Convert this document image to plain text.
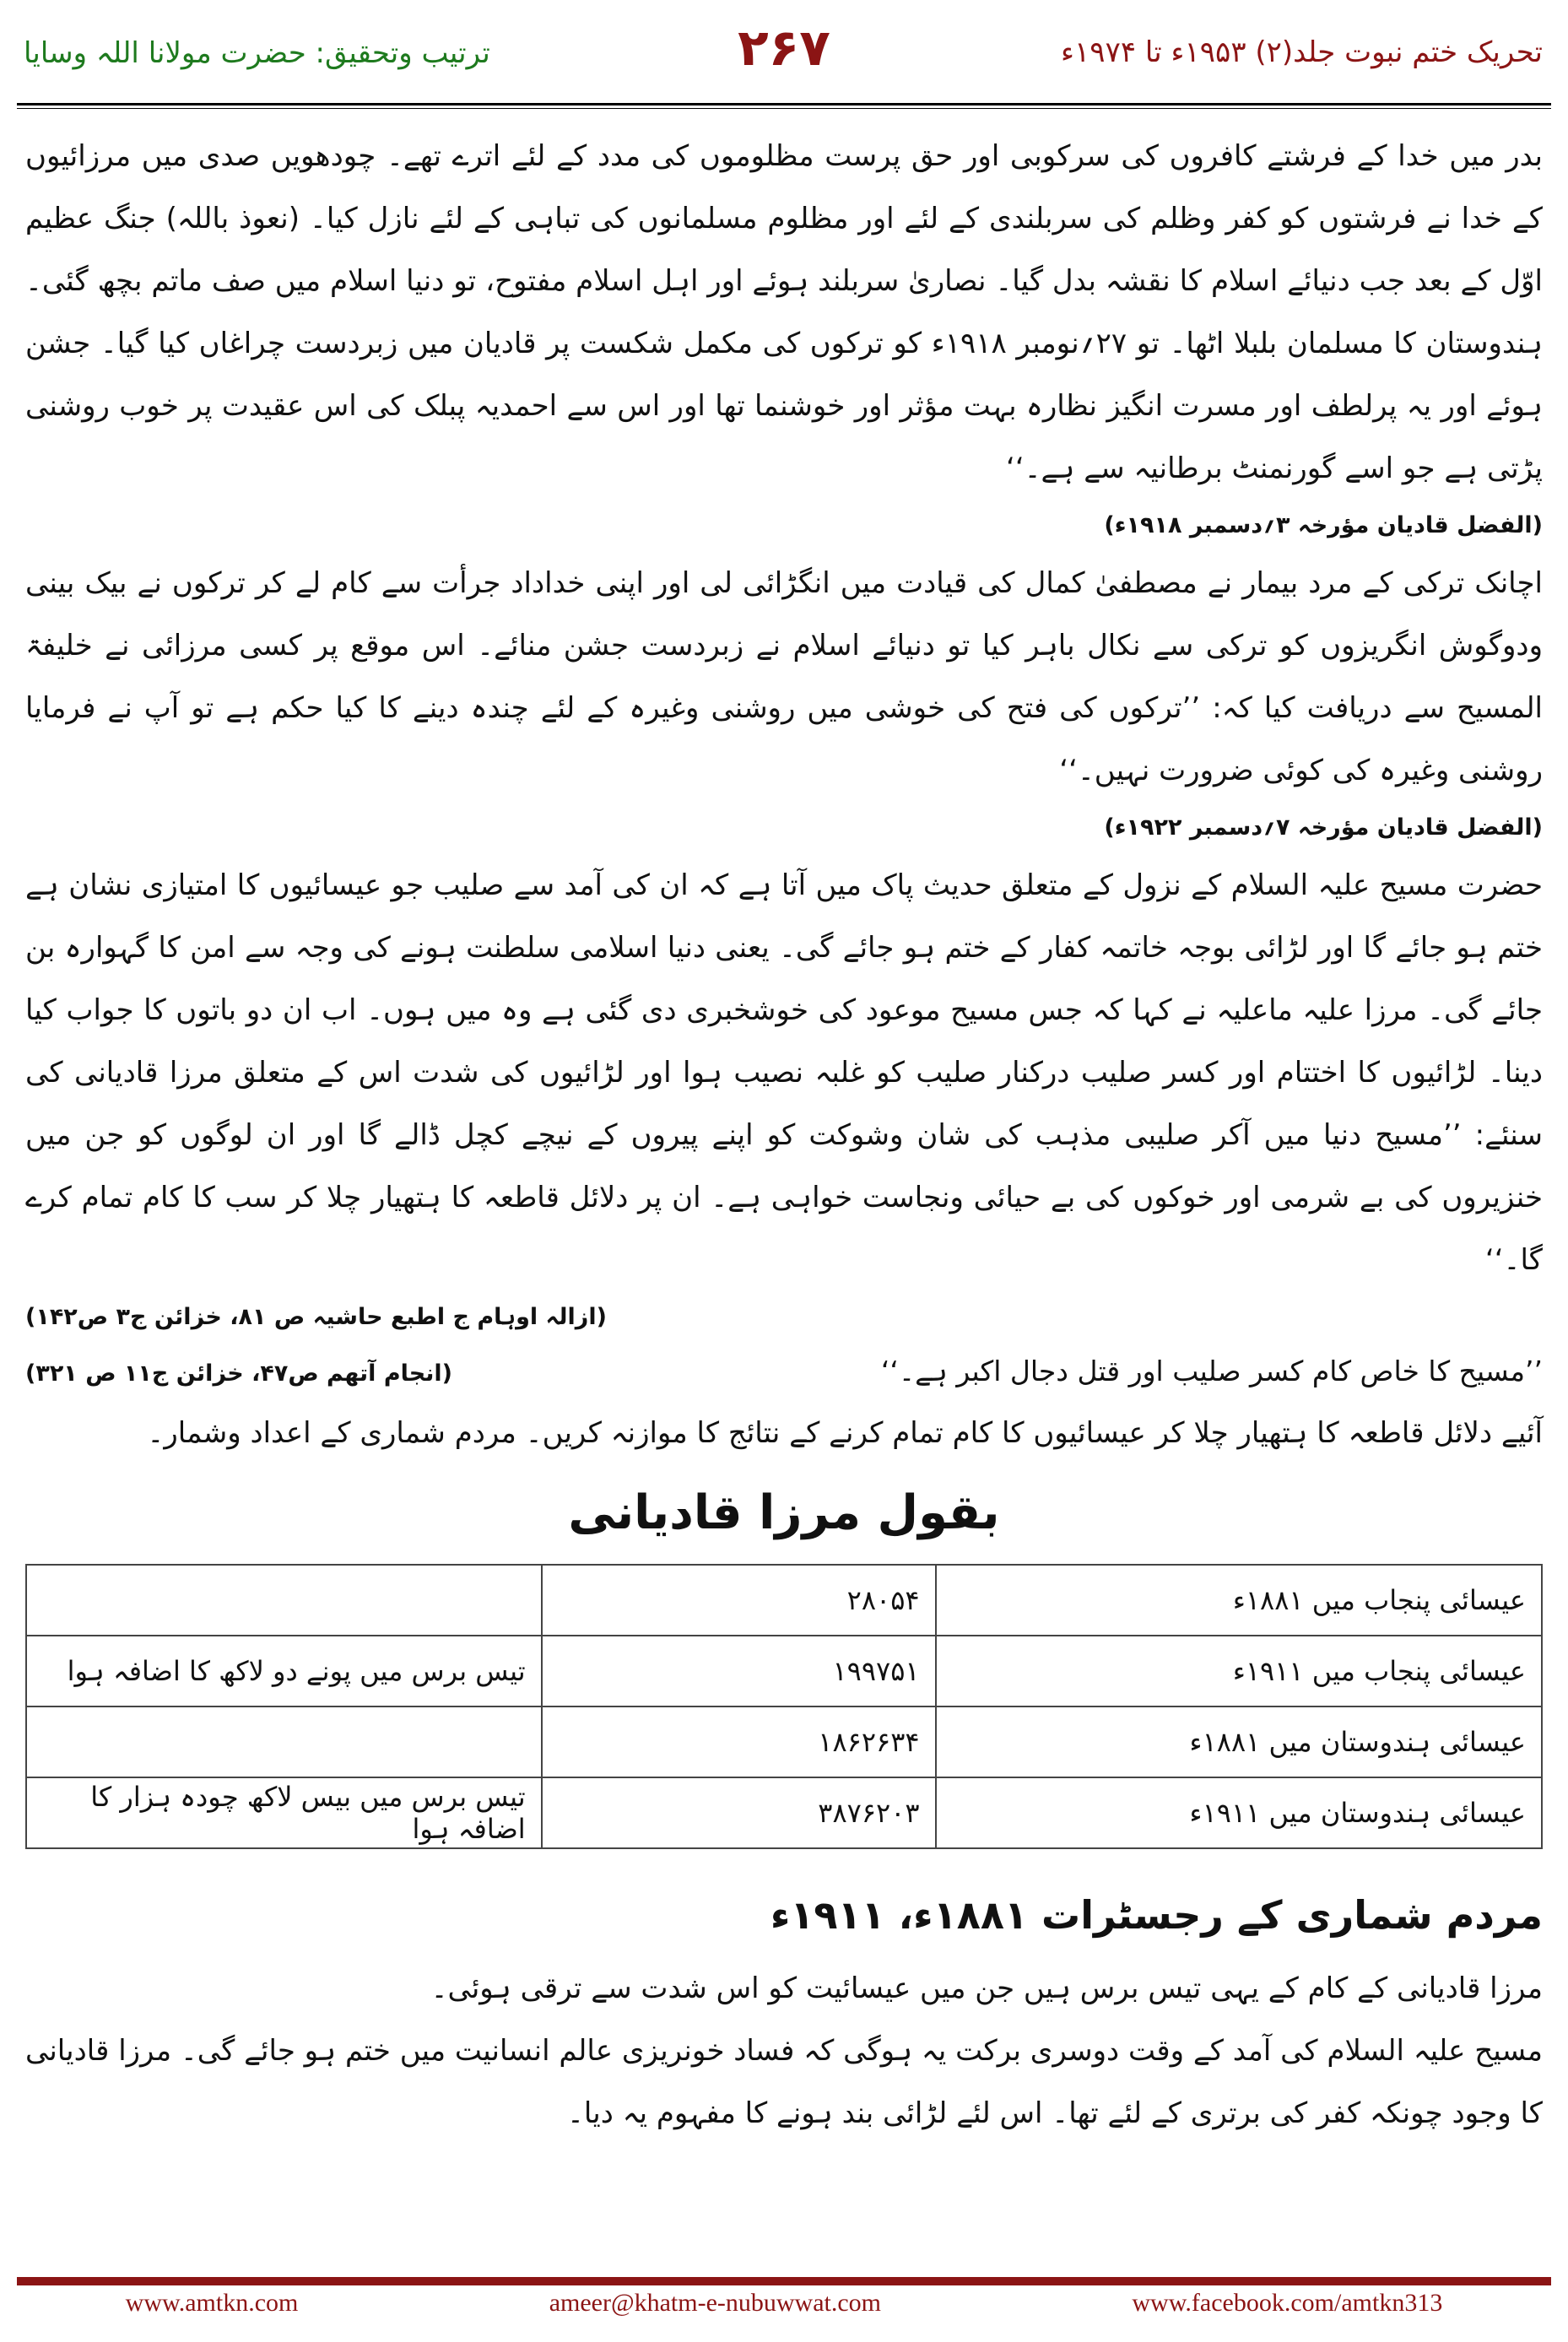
تحریک ختم نبوت جلد(۲) ۱۹۵۳ء تا ۱۹۷۴ء
۲۶۷
ترتیب وتحقیق: حضرت مولانا اللہ وسایا

بدر میں خدا کے فرشتے کافروں کی سرکوبی اور حق پرست مظلوموں کی مدد کے لئے اترے تھے۔ چودھویں صدی میں مرزائیوں کے خدا نے فرشتوں کو کفر وظلم کی سربلندی کے لئے اور مظلوم مسلمانوں کی تباہی کے لئے نازل کیا۔ (نعوذ باللہ) جنگ عظیم اوّل کے بعد جب دنیائے اسلام کا نقشہ بدل گیا۔ نصاریٰ سربلند ہوئے اور اہل اسلام مفتوح، تو دنیا اسلام میں صف ماتم بچھ گئی۔ ہندوستان کا مسلمان بلبلا اٹھا۔ تو ۲۷؍نومبر ۱۹۱۸ء کو ترکوں کی مکمل شکست پر قادیان میں زبردست چراغاں کیا گیا۔ جشن ہوئے اور یہ پرلطف اور مسرت انگیز نظارہ بہت مؤثر اور خوشنما تھا اور اس سے احمدیہ پبلک کی اس عقیدت پر خوب روشنی پڑتی ہے جو اسے گورنمنٹ برطانیہ سے ہے۔‘‘

(الفضل قادیان مؤرخہ ۳؍دسمبر ۱۹۱۸ء)

اچانک ترکی کے مرد بیمار نے مصطفیٰ کمال کی قیادت میں انگڑائی لی اور اپنی خداداد جرأت سے کام لے کر ترکوں نے بیک بینی ودوگوش انگریزوں کو ترکی سے نکال باہر کیا تو دنیائے اسلام نے زبردست جشن منائے۔ اس موقع پر کسی مرزائی نے خلیفۃ المسیح سے دریافت کیا کہ: ’’ترکوں کی فتح کی خوشی میں روشنی وغیرہ کے لئے چندہ دینے کا کیا حکم ہے تو آپ نے فرمایا روشنی وغیرہ کی کوئی ضرورت نہیں۔‘‘

(الفضل قادیان مؤرخہ ۷؍دسمبر ۱۹۲۲ء)

حضرت مسیح علیہ السلام کے نزول کے متعلق حدیث پاک میں آتا ہے کہ ان کی آمد سے صلیب جو عیسائیوں کا امتیازی نشان ہے ختم ہو جائے گا اور لڑائی بوجہ خاتمہ کفار کے ختم ہو جائے گی۔ یعنی دنیا اسلامی سلطنت ہونے کی وجہ سے امن کا گہوارہ بن جائے گی۔ مرزا علیہ ماعلیہ نے کہا کہ جس مسیح موعود کی خوشخبری دی گئی ہے وہ میں ہوں۔ اب ان دو باتوں کا جواب کیا دینا۔ لڑائیوں کا اختتام اور کسر صلیب درکنار صلیب کو غلبہ نصیب ہوا اور لڑائیوں کی شدت اس کے متعلق مرزا قادیانی کی سنئے: ’’مسیح دنیا میں آکر صلیبی مذہب کی شان وشوکت کو اپنے پیروں کے نیچے کچل ڈالے گا اور ان لوگوں کو جن میں خنزیروں کی بے شرمی اور خوکوں کی بے حیائی ونجاست خواہی ہے۔ ان پر دلائل قاطعہ کا ہتھیار چلا کر سب کا کام تمام کرے گا۔‘‘

(ازالہ اوہام ج اطبع حاشیہ ص ۸۱، خزائن ج۳ ص۱۴۲)

’’مسیح کا خاص کام کسر صلیب اور قتل دجال اکبر ہے۔‘‘
(انجام آتھم ص۴۷، خزائن ج۱۱ ص ۳۲۱)

آئیے دلائل قاطعہ کا ہتھیار چلا کر عیسائیوں کا کام تمام کرنے کے نتائج کا موازنہ کریں۔ مردم شماری کے اعداد وشمار۔

بقول مرزا قادیانی
عیسائی پنجاب میں ۱۸۸۱ء	۲۸۰۵۴	
عیسائی پنجاب میں ۱۹۱۱ء	۱۹۹۷۵۱	تیس برس میں پونے دو لاکھ کا اضافہ ہوا
عیسائی ہندوستان میں ۱۸۸۱ء	۱۸۶۲۶۳۴	
عیسائی ہندوستان میں ۱۹۱۱ء	۳۸۷۶۲۰۳	تیس برس میں بیس لاکھ چودہ ہزار کا اضافہ ہوا
مردم شماری کے رجسٹرات ۱۸۸۱ء، ۱۹۱۱ء

مرزا قادیانی کے کام کے یہی تیس برس ہیں جن میں عیسائیت کو اس شدت سے ترقی ہوئی۔

مسیح علیہ السلام کی آمد کے وقت دوسری برکت یہ ہوگی کہ فساد خونریزی عالم انسانیت میں ختم ہو جائے گی۔ مرزا قادیانی کا وجود چونکہ کفر کی برتری کے لئے تھا۔ اس لئے لڑائی بند ہونے کا مفہوم یہ دیا۔

www.amtkn.com	ameer@khatm-e-nubuwwat.com	www.facebook.com/amtkn313
